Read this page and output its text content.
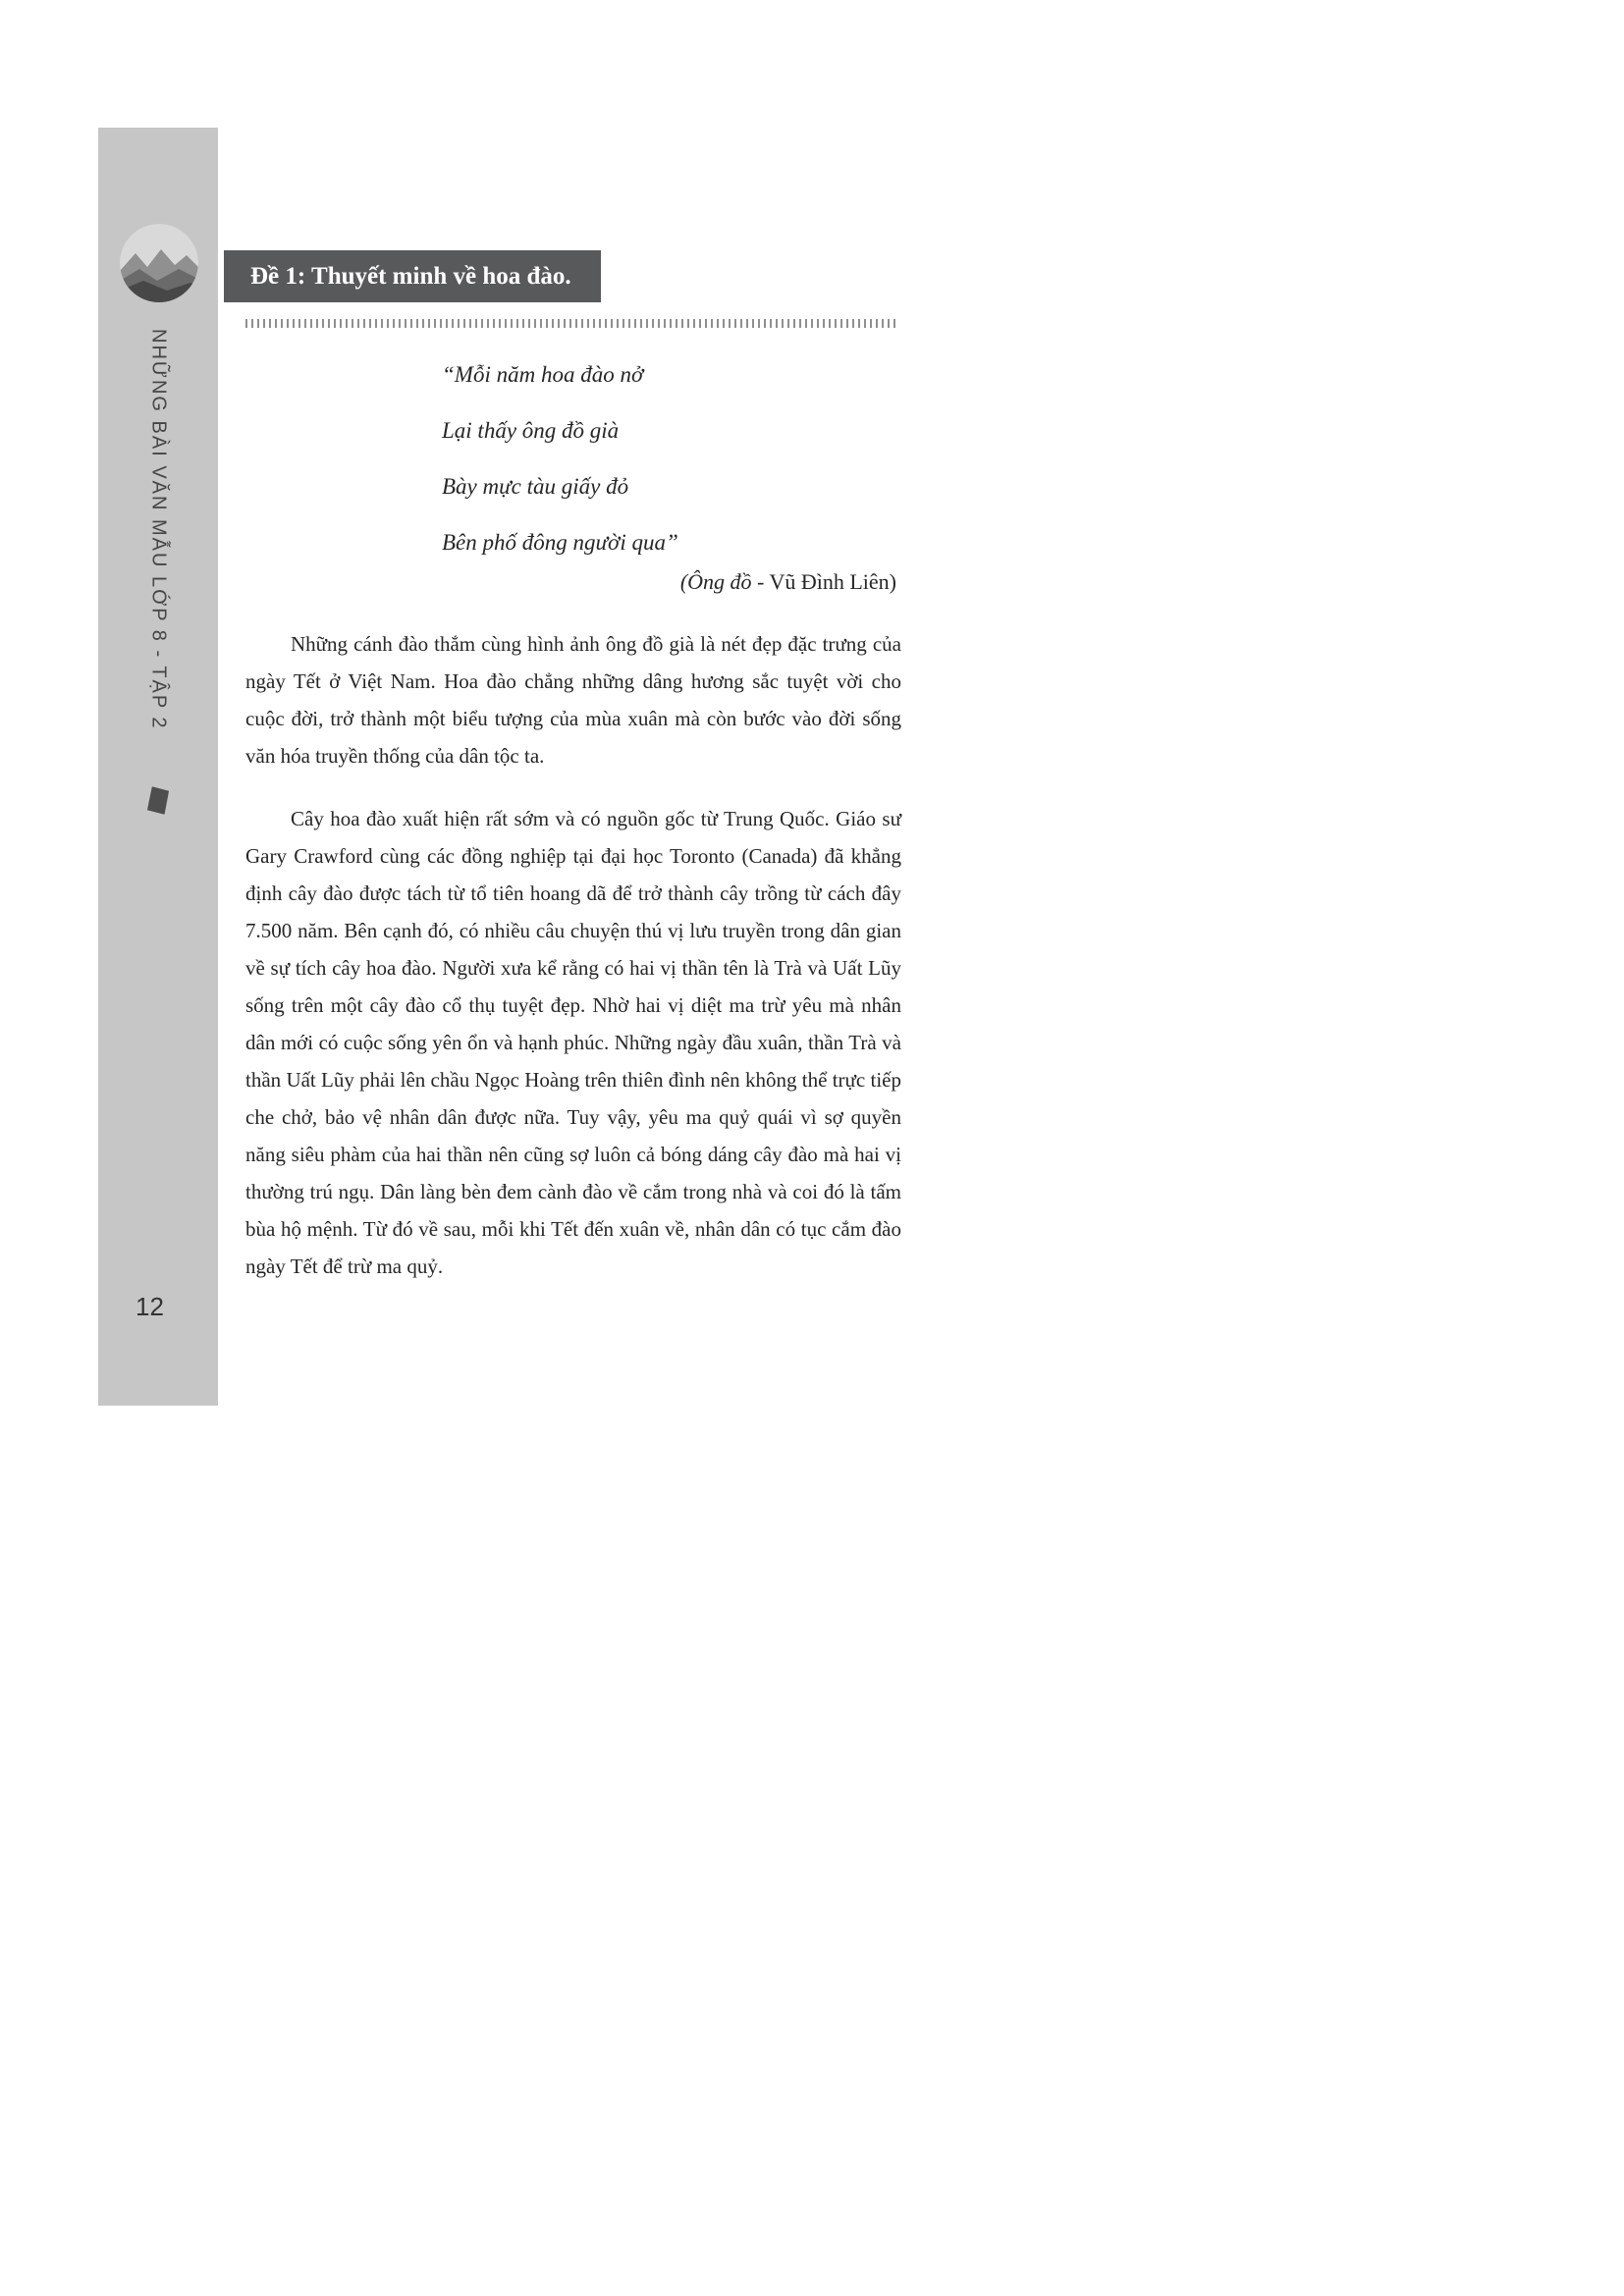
NHỮNG BÀI VĂN MẪU LỚP 8 - TẬP 2
12
Đề 1: Thuyết minh về hoa đào.
“Mỗi năm hoa đào nở
Lại thấy ông đồ già
Bày mực tàu giấy đỏ
Bên phố đông người qua”
(Ông đồ - Vũ Đình Liên)

Những cánh đào thắm cùng hình ảnh ông đồ già là nét đẹp đặc trưng của ngày Tết ở Việt Nam. Hoa đào chẳng những dâng hương sắc tuyệt vời cho cuộc đời, trở thành một biểu tượng của mùa xuân mà còn bước vào đời sống văn hóa truyền thống của dân tộc ta.

Cây hoa đào xuất hiện rất sớm và có nguồn gốc từ Trung Quốc. Giáo sư Gary Crawford cùng các đồng nghiệp tại đại học Toronto (Canada) đã khẳng định cây đào được tách từ tổ tiên hoang dã để trở thành cây trồng từ cách đây 7.500 năm. Bên cạnh đó, có nhiều câu chuyện thú vị lưu truyền trong dân gian về sự tích cây hoa đào. Người xưa kể rằng có hai vị thần tên là Trà và Uất Lũy sống trên một cây đào cổ thụ tuyệt đẹp. Nhờ hai vị diệt ma trừ yêu mà nhân dân mới có cuộc sống yên ổn và hạnh phúc. Những ngày đầu xuân, thần Trà và thần Uất Lũy phải lên chầu Ngọc Hoàng trên thiên đình nên không thể trực tiếp che chở, bảo vệ nhân dân được nữa. Tuy vậy, yêu ma quỷ quái vì sợ quyền năng siêu phàm của hai thần nên cũng sợ luôn cả bóng dáng cây đào mà hai vị thường trú ngụ. Dân làng bèn đem cành đào về cắm trong nhà và coi đó là tấm bùa hộ mệnh. Từ đó về sau, mỗi khi Tết đến xuân về, nhân dân có tục cắm đào ngày Tết để trừ ma quỷ.
